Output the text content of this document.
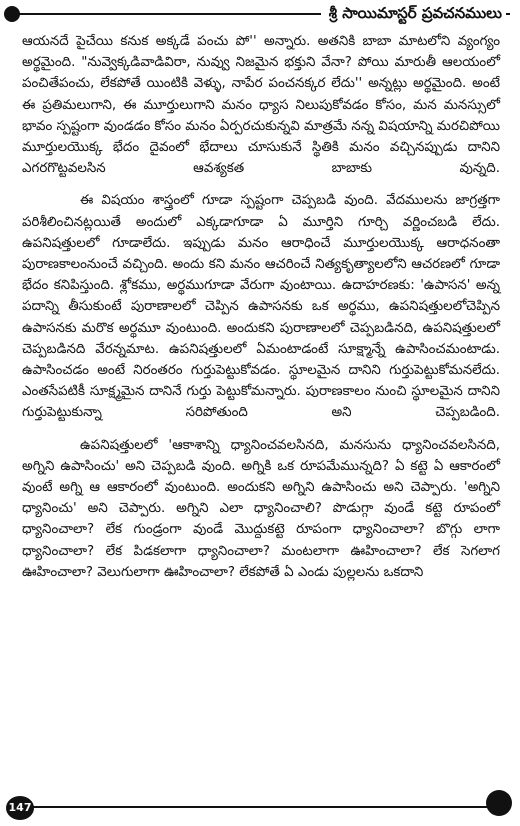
శ్రీ సాయిమాస్టర్ ప్రవచనములు

ఆయనదే పైచేయి కనుక అక్కడే పంచు పో'' అన్నారు. అతనికి బాబా మాటలోని వ్యంగ్యం అర్థమైంది. "నువ్వెక్కడివాడివిరా, నువ్వు నిజమైన భక్తుని వేనా? పోయి మారుతీ ఆలయంలో పంచితేపంచు, లేకపోతే యింటికి వెళ్ళు, నాపేర పంచనక్కర లేదు'' అన్నట్లు అర్థమైంది. అంటే ఈ ప్రతిమలుగాని, ఈ మూర్తులుగాని మనం ధ్యాస నిలుపుకోవడం కోసం, మన మనస్సులో భావం స్పష్టంగా వుండడం కోసం మనం ఏర్పరచుకున్నవి మాత్రమే నన్న విషయాన్ని మరచిపోయి మూర్తులయొక్క భేదం దైవంలో భేదాలు చూసుకునే స్థితికి మనం వచ్చినప్పుడు దానిని ఎగరగొట్టవలసిన ఆవశ్యకత బాబాకు వున్నది.

ఈ విషయం శాస్త్రంలో గూడా స్పష్టంగా చెప్పబడి వుంది. వేదములను జాగ్రత్తగా పరిశీలించినట్లయితే అందులో ఎక్కడాగూడా ఏ మూర్తిని గూర్చి వర్ణించబడి లేదు. ఉపనిషత్తులలో గూడాలేదు. ఇప్పుడు మనం ఆరాధించే మూర్తులయొక్క ఆరాధనంతా పురాణకాలంనుంచే వచ్చింది. అందు కని మనం ఆచరించే నిత్యకృత్యాలలోని ఆచరణలో గూడా భేదం కనిపిస్తుంది. శ్లోకము, అర్థముగూడా వేరుగా వుంటాయి. ఉదాహరణకు: 'ఉపాసన' అన్న పదాన్ని తీసుకుంటే పురాణాలలో చెప్పిన ఉపాసనకు ఒక అర్థము, ఉపనిషత్తులలోచెప్పిన ఉపాసనకు మరొక అర్థమూ వుంటుంది. అందుకని పురాణాలలో చెప్పబడినది, ఉపనిషత్తులలో చెప్పబడినది వేరన్నమాట. ఉపనిషత్తులలో ఏమంటాడంటే సూక్ష్మాన్నే ఉపాసించమంటాడు. ఉపాసించడం అంటే నిరంతరం గుర్తుపెట్టుకోవడం. స్థూలమైన దానిని గుర్తుపెట్టుకోమనలేదు. ఎంతసేపటికీ సూక్ష్మమైన దానినే గుర్తు పెట్టుకోమన్నారు. పురాణకాలం నుంచి స్థూలమైన దానిని గుర్తుపెట్టుకున్నా సరిపోతుంది అని చెప్పబడింది.

ఉపనిషత్తులలో 'ఆకాశాన్ని ధ్యానించవలసినది, మనసును ధ్యానించవలసినది, అగ్నిని ఉపాసించు' అని చెప్పబడి వుంది. అగ్నికి ఒక రూపమేమున్నది? ఏ కట్టె ఏ ఆకారంలో వుంటే అగ్ని ఆ ఆకారంలో వుంటుంది. అందుకని అగ్నిని ఉపాసించు అని చెప్పారు. 'అగ్నిని ధ్యానించు' అని చెప్పారు. అగ్నిని ఎలా ధ్యానించాలి? పొడుగ్గా వుండే కట్టె రూపంలో ధ్యానించాలా? లేక గుండ్రంగా వుండే మొద్దుకట్టె రూపంగా ధ్యానించాలా? బొగ్గు లాగా ధ్యానించాలా? లేక పిడకలాగా ధ్యానించాలా? మంటలాగా ఊహించాలా? లేక సెగలాగ ఊహించాలా? వెలుగులాగా ఊహించాలా? లేకపోతే ఏ ఎండు పుల్లలను ఒకదాని

147
